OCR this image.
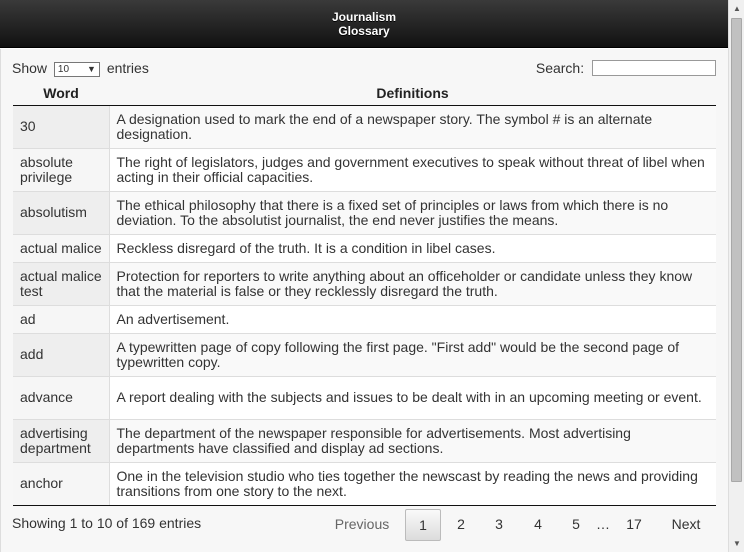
Journalism
Glossary
Show 10 ▼ entries	Search:
Word	Definitions
30	A designation used to mark the end of a newspaper story. The symbol # is an alternate designation.
absolute privilege	The right of legislators, judges and government executives to speak without threat of libel when acting in their official capacities.
absolutism	The ethical philosophy that there is a fixed set of principles or laws from which there is no deviation. To the absolutist journalist, the end never justifies the means.
actual malice	Reckless disregard of the truth. It is a condition in libel cases.
actual malice test	Protection for reporters to write anything about an officeholder or candidate unless they know that the material is false or they recklessly disregard the truth.
ad	An advertisement.
add	A typewritten page of copy following the first page. "First add" would be the second page of typewritten copy.
advance	A report dealing with the subjects and issues to be dealt with in an upcoming meeting or event.
advertising department	The department of the newspaper responsible for advertisements. Most advertising departments have classified and display ad sections.
anchor	One in the television studio who ties together the newscast by reading the news and providing transitions from one story to the next.
Showing 1 to 10 of 169 entries	Previous	1	2	3	4	5	…	17	Next
▲
▼
